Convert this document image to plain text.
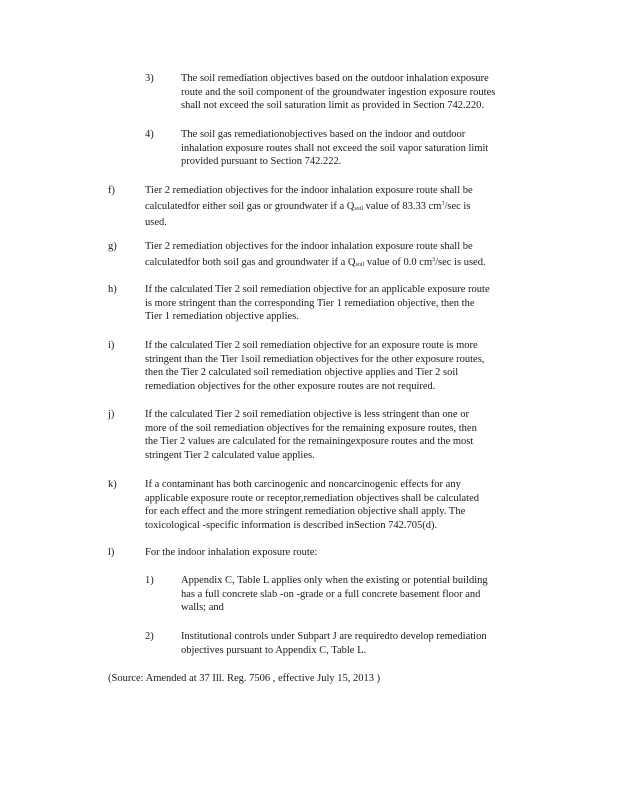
3)	The soil remediation objectives based on the outdoor inhalation exposure
route and the soil component of the groundwater ingestion exposure routes
shall not exceed the soil saturation limit as provided in Section 742.220.
4)	The soil gas remediationobjectives based on the indoor and outdoor
inhalation exposure routes shall not exceed the soil vapor saturation limit
provided pursuant to Section 742.222.
f)	Tier 2 remediation objectives for the indoor inhalation exposure route shall be
calculatedfor either soil gas or groundwater if a $Q_{soil}$ value of 83.33 $cm^3/\sec$ is
used.
g)	Tier 2 remediation objectives for the indoor inhalation exposure route shall be
calculatedfor both soil gas and groundwater if a $Q_{soil}$ value of 0.0 $cm^3/\sec$ is used.
h)	If the calculated Tier 2 soil remediation objective for an applicable exposure route
is more stringent than the corresponding Tier 1 remediation objective, then the
Tier 1 remediation objective applies.
i)	If the calculated Tier 2 soil remediation objective for an exposure route is more
stringent than the Tier 1soil remediation objectives for the other exposure routes,
then the Tier 2 calculated soil remediation objective applies and Tier 2 soil
remediation objectives for the other exposure routes are not required.
j)	If the calculated Tier 2 soil remediation objective is less stringent than one or
more of the soil remediation objectives for the remaining exposure routes, then
the Tier 2 values are calculated for the remainingexposure routes and the most
stringent Tier 2 calculated value applies.
k)	If a contaminant has both carcinogenic and noncarcinogenic effects for any
applicable exposure route or receptor,remediation objectives shall be calculated
for each effect and the more stringent remediation objective shall apply. The
toxicological -specific information is described inSection 742.705(d).
l)	For the indoor inhalation exposure route:
1)	Appendix C, Table L applies only when the existing or potential building
has a full concrete slab -on -grade or a full concrete basement floor and
walls; and
2)	Institutional controls under Subpart J are requiredto develop remediation
objectives pursuant to Appendix C, Table L.
(Source: Amended at 37 Ill. Reg. 7506 , effective July 15, 2013 )
